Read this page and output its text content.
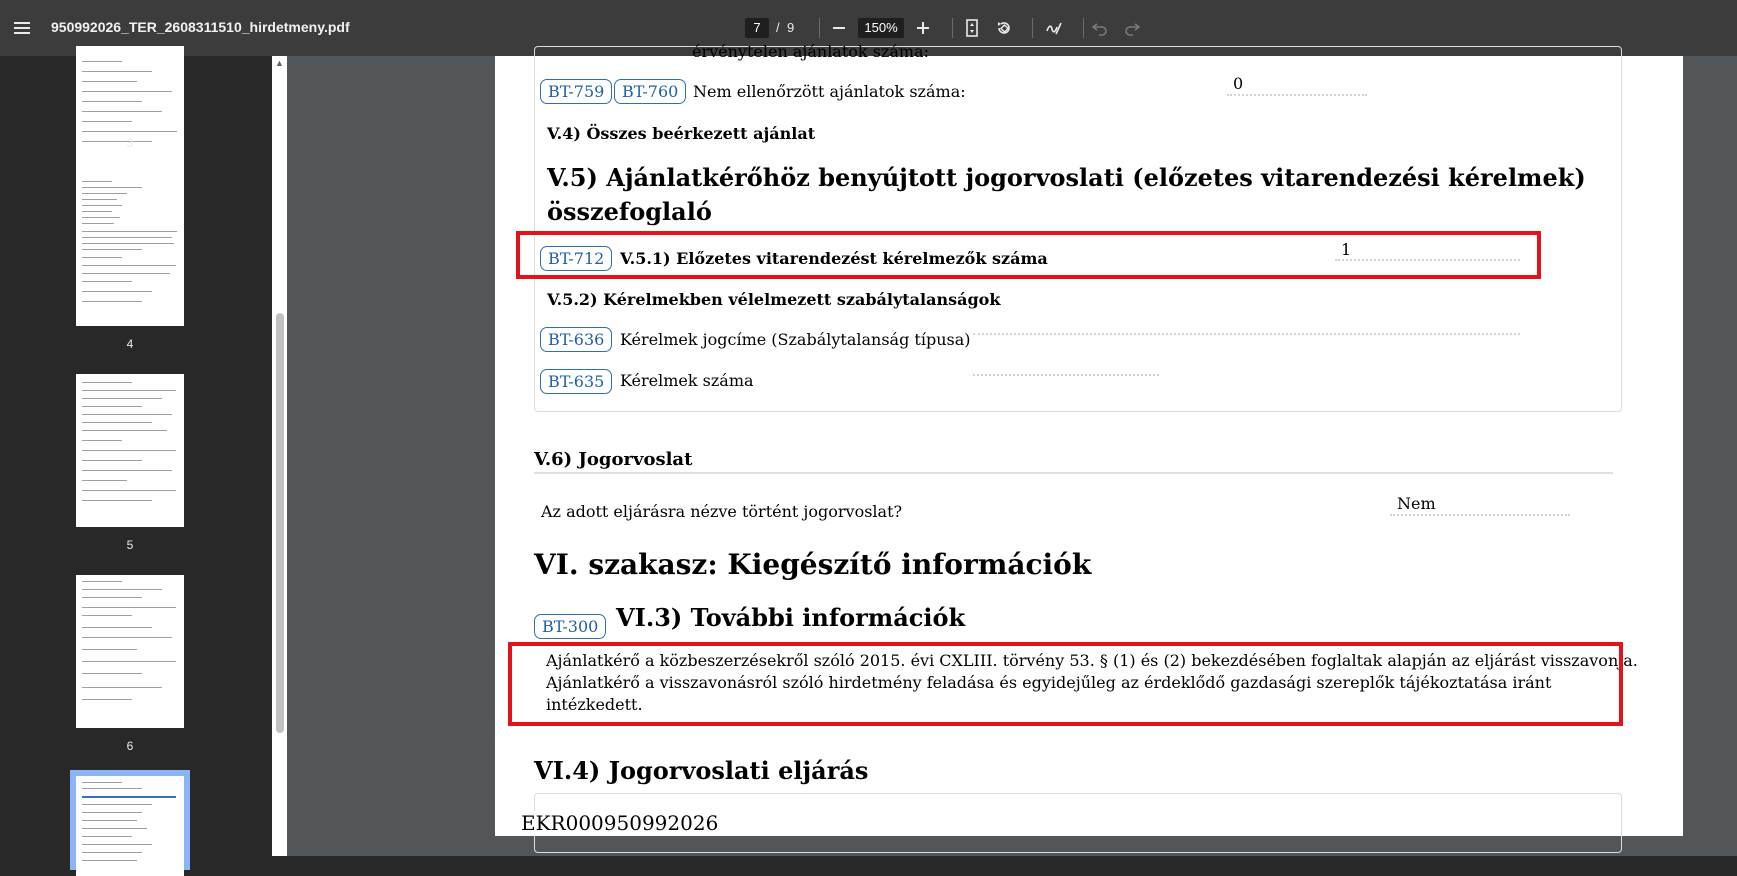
950992026_TER_2608311510_hirdetmeny.pdf	7	/ 9	150%
3
4
5
6
▲
érvénytelen ajánlatok száma:
BT-759	BT-760 Nem ellenőrzött ajánlatok száma:	0
V.4) Összes beérkezett ajánlat
V.5) Ajánlatkérőhöz benyújtott jogorvoslati (előzetes vitarendezési kérelmek)
összefoglaló
BT-712 V.5.1) Előzetes vitarendezést kérelmezők száma	1
V.5.2) Kérelmekben vélelmezett szabálytalanságok
BT-636 Kérelmek jogcíme (Szabálytalanság típusa)
BT-635 Kérelmek száma
V.6) Jogorvoslat
Az adott eljárásra nézve történt jogorvoslat?	Nem
VI. szakasz: Kiegészítő információk
BT-300 VI.3) További információk
Ajánlatkérő a közbeszerzésekről szóló 2015. évi CXLIII. törvény 53. § (1) és (2) bekezdésében foglaltak alapján az eljárást visszavonja.
Ajánlatkérő a visszavonásról szóló hirdetmény feladása és egyidejűleg az érdeklődő gazdasági szereplők tájékoztatása iránt
intézkedett.
VI.4) Jogorvoslati eljárás
EKR000950992026
